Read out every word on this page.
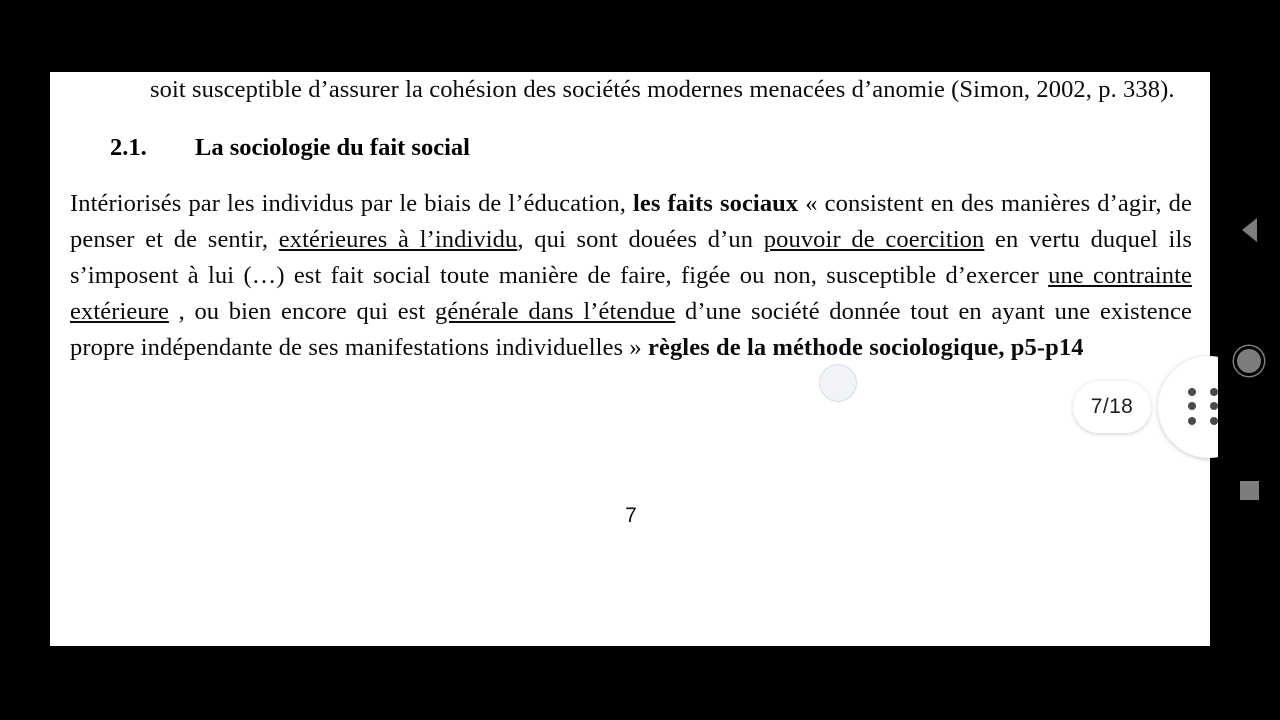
soit susceptible d’assurer la cohésion des sociétés modernes menacées d’anomie (Simon, 2002, p. 338).

2.1. La sociologie du fait social

Intériorisés par les individus par le biais de l’éducation, les faits sociaux « consistent en des manières d’agir, de penser et de sentir, extérieures à l’individu, qui sont douées d’un pouvoir de coercition en vertu duquel ils s’imposent à lui (…) est fait social toute manière de faire, figée ou non, susceptible d’exercer une contrainte extérieure , ou bien encore qui est générale dans l’étendue d’une société donnée tout en ayant une existence propre indépendante de ses manifestations individuelles » règles de la méthode sociologique, p5-p14

7
7/18
